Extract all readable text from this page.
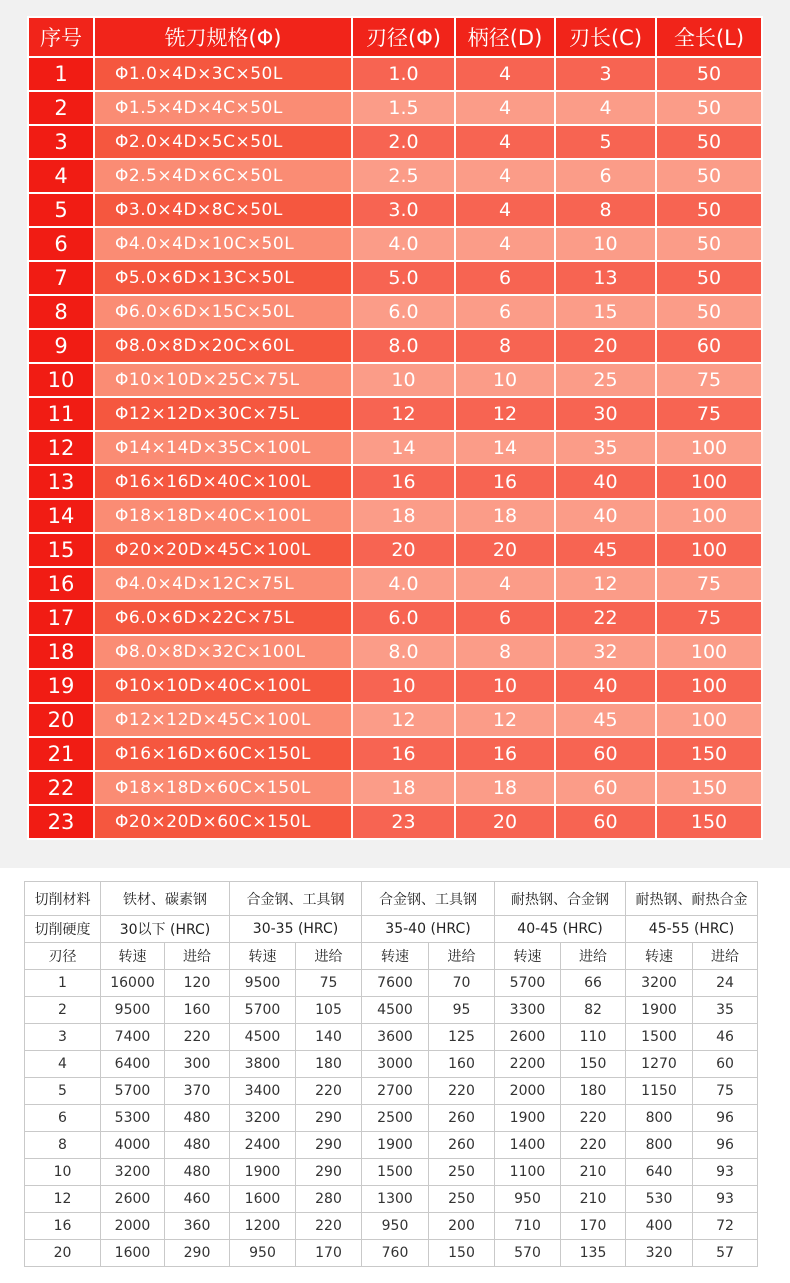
序号	铣刀规格(Φ)	刃径(Φ)	柄径(D)	刃长(C)	全长(L)
1	Φ1.0×4D×3C×50L	1.0	4	3	50
2	Φ1.5×4D×4C×50L	1.5	4	4	50
3	Φ2.0×4D×5C×50L	2.0	4	5	50
4	Φ2.5×4D×6C×50L	2.5	4	6	50
5	Φ3.0×4D×8C×50L	3.0	4	8	50
6	Φ4.0×4D×10C×50L	4.0	4	10	50
7	Φ5.0×6D×13C×50L	5.0	6	13	50
8	Φ6.0×6D×15C×50L	6.0	6	15	50
9	Φ8.0×8D×20C×60L	8.0	8	20	60
10	Φ10×10D×25C×75L	10	10	25	75
11	Φ12×12D×30C×75L	12	12	30	75
12	Φ14×14D×35C×100L	14	14	35	100
13	Φ16×16D×40C×100L	16	16	40	100
14	Φ18×18D×40C×100L	18	18	40	100
15	Φ20×20D×45C×100L	20	20	45	100
16	Φ4.0×4D×12C×75L	4.0	4	12	75
17	Φ6.0×6D×22C×75L	6.0	6	22	75
18	Φ8.0×8D×32C×100L	8.0	8	32	100
19	Φ10×10D×40C×100L	10	10	40	100
20	Φ12×12D×45C×100L	12	12	45	100
21	Φ16×16D×60C×150L	16	16	60	150
22	Φ18×18D×60C×150L	18	18	60	150
23	Φ20×20D×60C×150L	23	20	60	150
切削材料	铁材、碳素钢		合金钢、工具钢		合金钢、工具钢		耐热钢、合金钢		耐热钢、耐热合金	
切削硬度	30以下 (HRC)		30-35 (HRC)		35-40 (HRC)		40-45 (HRC)		45-55 (HRC)	
刃径	转速	进给	转速	进给	转速	进给	转速	进给	转速	进给
1	16000	120	9500	75	7600	70	5700	66	3200	24
2	9500	160	5700	105	4500	95	3300	82	1900	35
3	7400	220	4500	140	3600	125	2600	110	1500	46
4	6400	300	3800	180	3000	160	2200	150	1270	60
5	5700	370	3400	220	2700	220	2000	180	1150	75
6	5300	480	3200	290	2500	260	1900	220	800	96
8	4000	480	2400	290	1900	260	1400	220	800	96
10	3200	480	1900	290	1500	250	1100	210	640	93
12	2600	460	1600	280	1300	250	950	210	530	93
16	2000	360	1200	220	950	200	710	170	400	72
20	1600	290	950	170	760	150	570	135	320	57
